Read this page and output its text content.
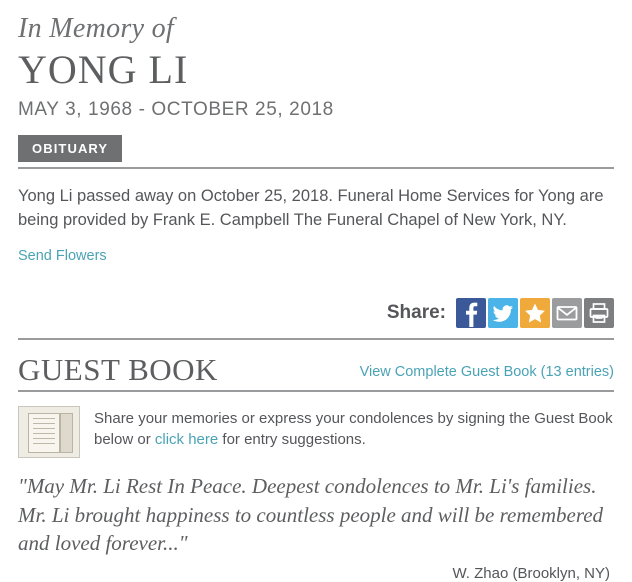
In Memory of
YONG LI
MAY 3, 1968 - OCTOBER 25, 2018
OBITUARY
Yong Li passed away on October 25, 2018. Funeral Home Services for Yong are being provided by Frank E. Campbell The Funeral Chapel of New York, NY.
Send Flowers
Share:
GUEST BOOK	View Complete Guest Book (13 entries)
Share your memories or express your condolences by signing the Guest Book below or click here for entry suggestions.
"May Mr. Li Rest In Peace. Deepest condolences to Mr. Li's families. Mr. Li brought happiness to countless people and will be remembered and loved forever..."
W. Zhao (Brooklyn, NY)
